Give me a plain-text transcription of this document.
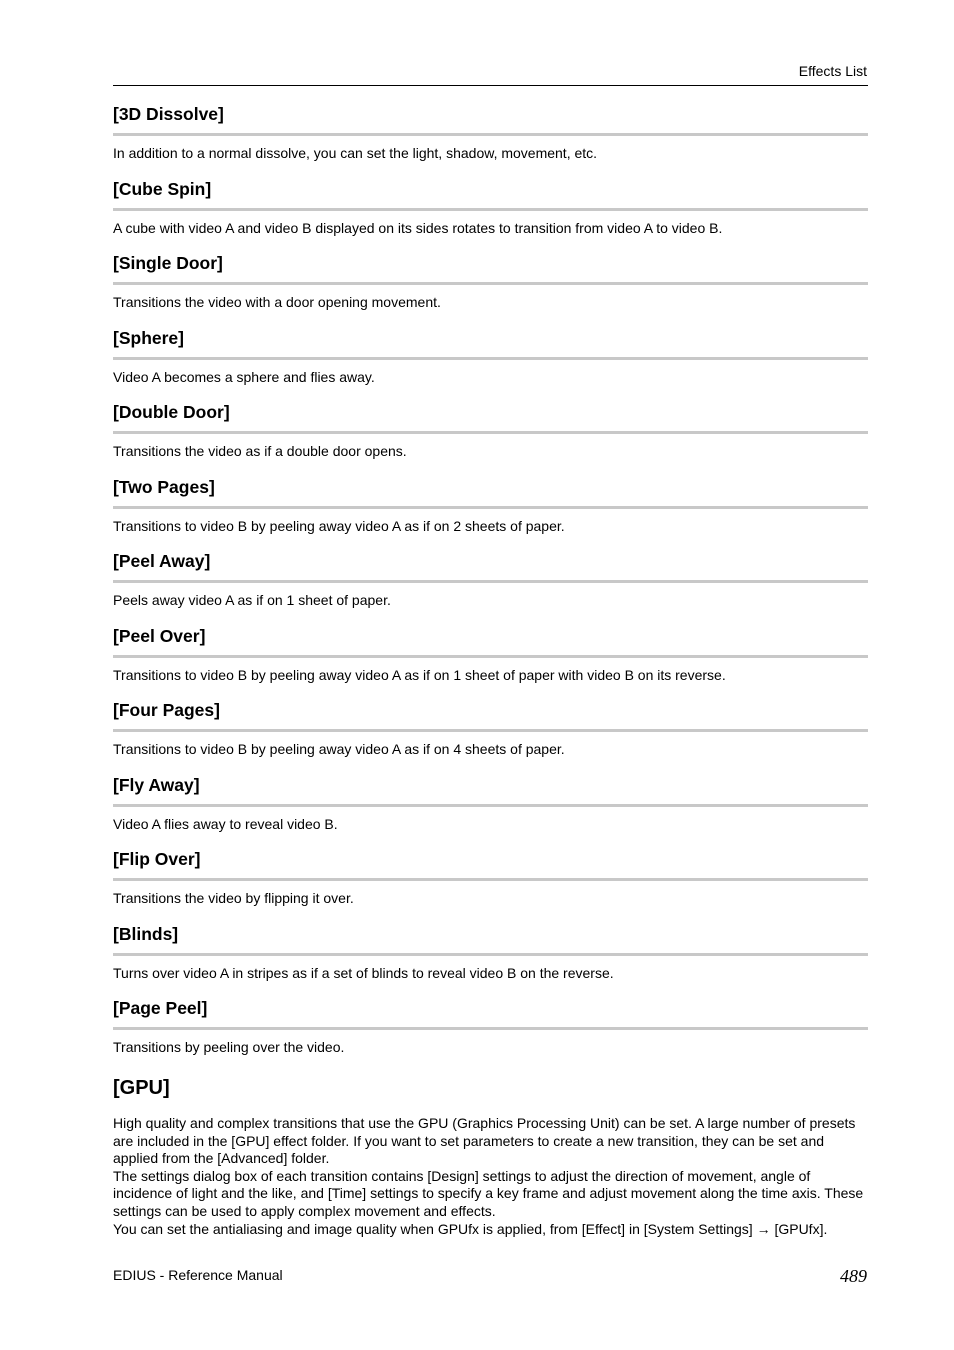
Effects List
[3D Dissolve]
In addition to a normal dissolve, you can set the light, shadow, movement, etc.
[Cube Spin]
A cube with video A and video B displayed on its sides rotates to transition from video A to video B.
[Single Door]
Transitions the video with a door opening movement.
[Sphere]
Video A becomes a sphere and flies away.
[Double Door]
Transitions the video as if a double door opens.
[Two Pages]
Transitions to video B by peeling away video A as if on 2 sheets of paper.
[Peel Away]
Peels away video A as if on 1 sheet of paper.
[Peel Over]
Transitions to video B by peeling away video A as if on 1 sheet of paper with video B on its reverse.
[Four Pages]
Transitions to video B by peeling away video A as if on 4 sheets of paper.
[Fly Away]
Video A flies away to reveal video B.
[Flip Over]
Transitions the video by flipping it over.
[Blinds]
Turns over video A in stripes as if a set of blinds to reveal video B on the reverse.
[Page Peel]
Transitions by peeling over the video.
[GPU]

High quality and complex transitions that use the GPU (Graphics Processing Unit) can be set. A large number of presets are included in the [GPU] effect folder. If you want to set parameters to create a new transition, they can be set and applied from the [Advanced] folder.

The settings dialog box of each transition contains [Design] settings to adjust the direction of movement, angle of incidence of light and the like, and [Time] settings to specify a key frame and adjust movement along the time axis. These settings can be used to apply complex movement and effects.

You can set the antialiasing and image quality when GPUfx is applied, from [Effect] in [System Settings] → [GPUfx].

EDIUS - Reference Manual	489
